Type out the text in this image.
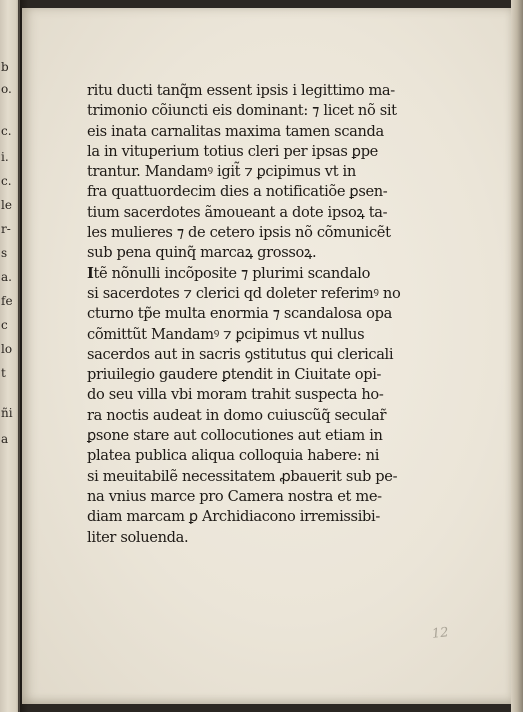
b
o.
c.
i.
c.
le
r-
s
a.
fe
c
lo
t
ñi
a
ritu ducti tanq̃m essent ipsis i legittimo ma-
trimonio cõiuncti eis dominant: ⁊ licet nõ sit
eis inata carnalitas maxima tamen scanda
la in vituperium totius cleri per ipsas ꝑpe
trantur. Mandamꝰ igit̃ ⁊ ꝑcipimus vt in
fra quattuordecim dies a notificatiõe ꝑsen-
tium sacerdotes ãmoueant a dote ipsoꝝ ta-
les mulieres ⁊ de cetero ipsis nõ cõmunicẽt
sub pena quinq̃ marcaꝝ grossoꝝ.
Itẽ nõnulli incõposite ⁊ plurimi scandalo
si sacerdotes ⁊ clerici qd doleter referimꝰ no
cturno tp̃e multa enormia ⁊ scandalosa opa
cõmittũt Mandamꝰ ⁊ ꝑcipimus vt nullus
sacerdos aut in sacris ꝯstitutus qui clericali
priuilegio gaudere ꝑtendit in Ciuitate opi-
do seu villa vbi moram trahit suspecta ho-
ra noctis audeat in domo cuiuscũq̃ secular̃
ꝑsone stare aut collocutiones aut etiam in
platea publica aliqua colloquia habere: ni
si meuitabilẽ necessitatem ꝓbauerit sub pe-
na vnius marce pro Camera nostra et me-
diam marcam ꝑ Archidiacono irremissibi-
liter soluenda.
12
